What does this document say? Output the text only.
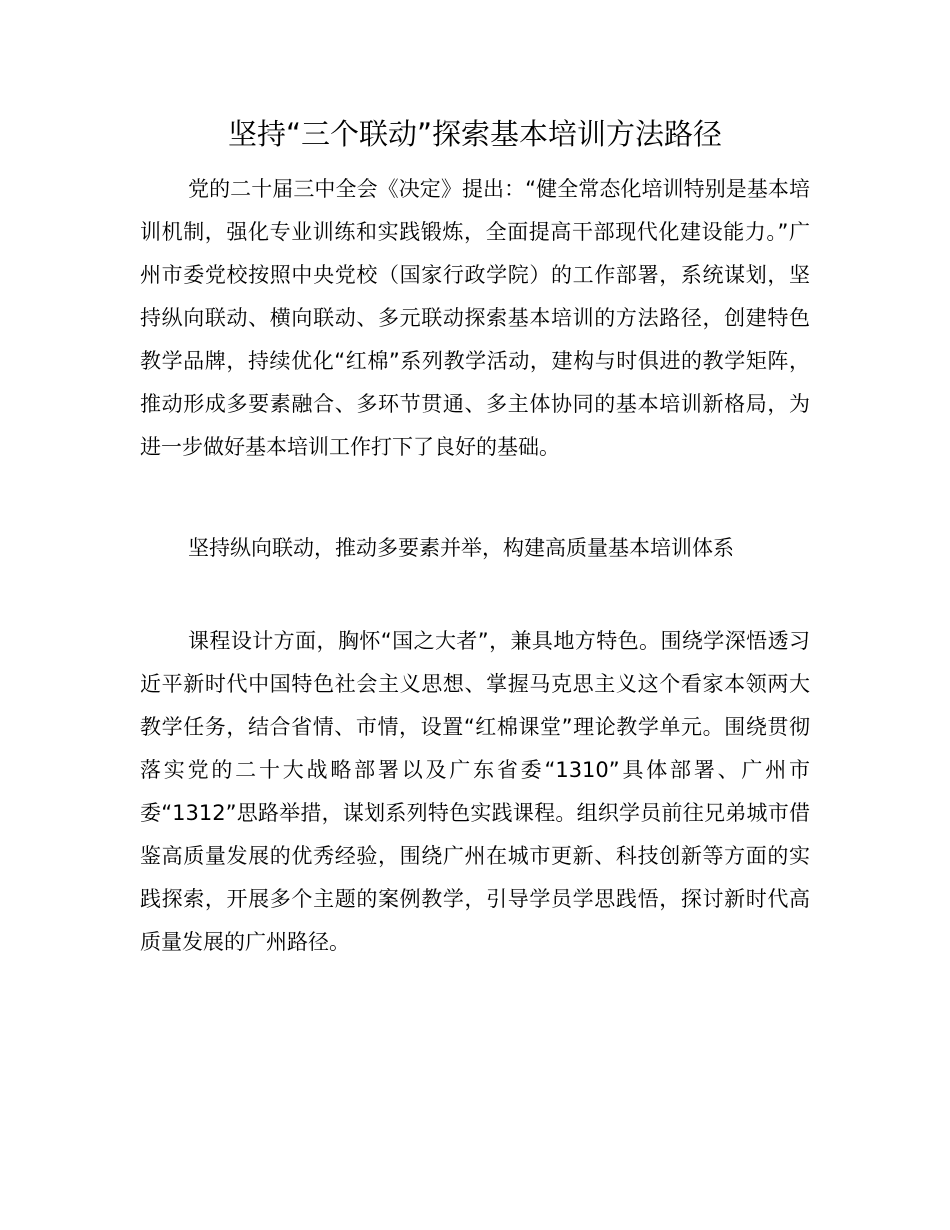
坚持“三个联动”探索基本培训方法路径

党的二十届三中全会《决定》提出：“健全常态化培训特别是基本培训机制，强化专业训练和实践锻炼，全面提高干部现代化建设能力。”广州市委党校按照中央党校（国家行政学院）的工作部署，系统谋划，坚持纵向联动、横向联动、多元联动探索基本培训的方法路径，创建特色教学品牌，持续优化“红棉”系列教学活动，建构与时俱进的教学矩阵，推动形成多要素融合、多环节贯通、多主体协同的基本培训新格局，为进一步做好基本培训工作打下了良好的基础。

坚持纵向联动，推动多要素并举，构建高质量基本培训体系

课程设计方面，胸怀“国之大者”，兼具地方特色。围绕学深悟透习近平新时代中国特色社会主义思想、掌握马克思主义这个看家本领两大教学任务，结合省情、市情，设置“红棉课堂”理论教学单元。围绕贯彻落实党的二十大战略部署以及广东省委“1310”具体部署、广州市委“1312”思路举措，谋划系列特色实践课程。组织学员前往兄弟城市借鉴高质量发展的优秀经验，围绕广州在城市更新、科技创新等方面的实践探索，开展多个主题的案例教学，引导学员学思践悟，探讨新时代高质量发展的广州路径。
